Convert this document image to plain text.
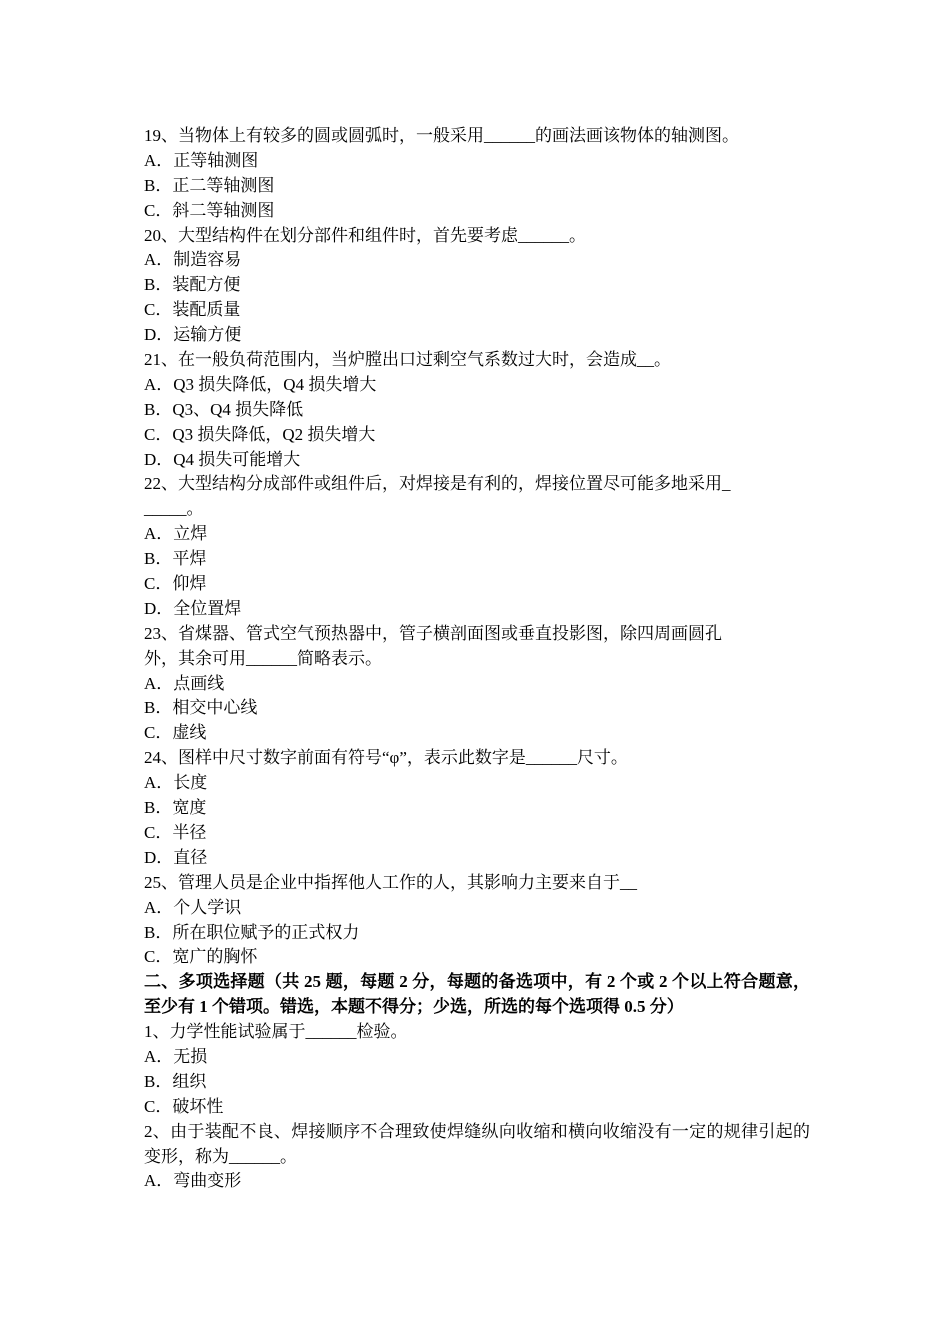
19、当物体上有较多的圆或圆弧时，一般采用______的画法画该物体的轴测图。
A．正等轴测图
B．正二等轴测图
C．斜二等轴测图
20、大型结构件在划分部件和组件时，首先要考虑______。
A．制造容易
B．装配方便
C．装配质量
D．运输方便
21、在一般负荷范围内，当炉膛出口过剩空气系数过大时，会造成__。
A．Q3 损失降低，Q4 损失增大
B．Q3、Q4 损失降低
C．Q3 损失降低，Q2 损失增大
D．Q4 损失可能增大
22、大型结构分成部件或组件后，对焊接是有利的，焊接位置尽可能多地采用_
_____。
A．立焊
B．平焊
C．仰焊
D．全位置焊
23、省煤器、管式空气预热器中，管子横剖面图或垂直投影图，除四周画圆孔
外，其余可用______简略表示。
A．点画线
B．相交中心线
C．虚线
24、图样中尺寸数字前面有符号“φ”，表示此数字是______尺寸。
A．长度
B．宽度
C．半径
D．直径
25、管理人员是企业中指挥他人工作的人，其影响力主要来自于__
A．个人学识
B．所在职位赋予的正式权力
C．宽广的胸怀
二、多项选择题（共 25 题，每题 2 分，每题的备选项中，有 2 个或 2 个以上符合题意，至少有 1 个错项。错选，本题不得分；少选，所选的每个选项得 0.5 分）
1、力学性能试验属于______检验。
A．无损
B．组织
C．破坏性
2、由于装配不良、焊接顺序不合理致使焊缝纵向收缩和横向收缩没有一定的规律引起的变形，称为______。
A．弯曲变形
